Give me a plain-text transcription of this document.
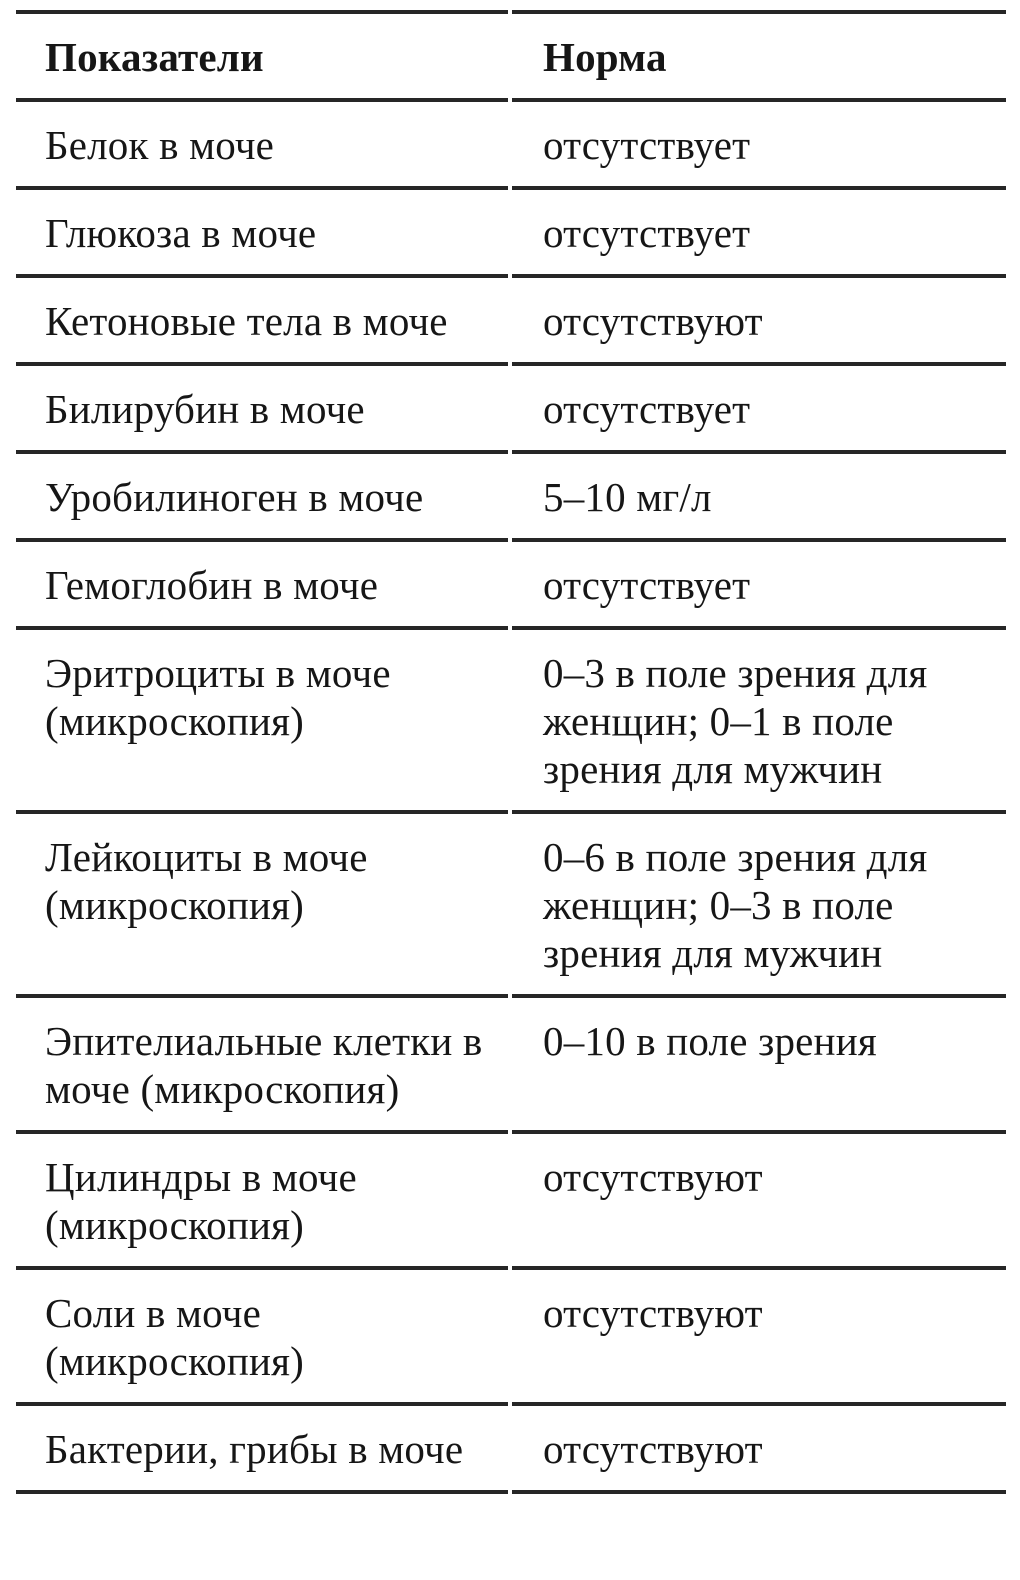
Показатели	Норма
Белок в моче	отсутствует
Глюкоза в моче	отсутствует
Кетоновые тела в моче	отсутствуют
Билирубин в моче	отсутствует
Уробилиноген в моче	5–10 мг/л
Гемоглобин в моче	отсутствует
Эритроциты в моче (микроскопия)	0–3 в поле зрения для женщин; 0–1 в поле зрения для мужчин
Лейкоциты в моче (микроскопия)	0–6 в поле зрения для женщин; 0–3 в поле зрения для мужчин
Эпителиальные клетки в моче (микроскопия)	0–10 в поле зрения
Цилиндры в моче (микроскопия)	отсутствуют
Соли в моче (микроскопия)	отсутствуют
Бактерии, грибы в моче	отсутствуют
